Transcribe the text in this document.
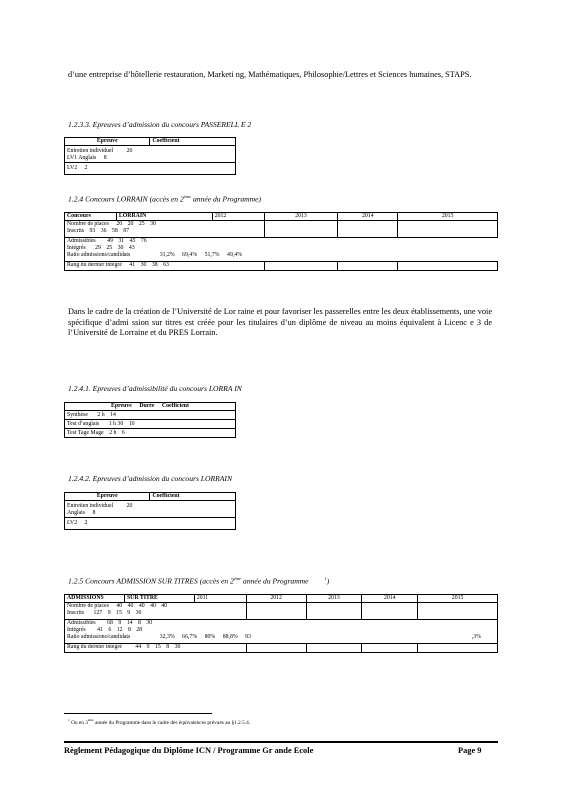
d’une entreprise d’hôtellerie restauration, Marketi ng, Mathématiques, Philosophie/Lettres et Sciences humaines, STAPS.
1.2.3.3. Epreuves d’admission du concours PASSERELL E 2
Epreuve	Coefficient
Entretien individuel 20
LV1 Anglais 8
LV2 2
1.2.4 Concours LORRAIN (accès en 2ème année du Programme)
Concours	LORRAIN	2012	2013	2014	2015

Nombre de places 20 20 25 30
Inscrits 93 36 58 87					

Admissibles 49 31 45 76
Intégrés 29 25 30 43
Ratio admissions/candidats 31,2% 69,4% 51,7% 49,4%					

Rang du dernier intégré 41 30 38 63					
Dans le cadre de la création de l’Université de Lor raine et pour favoriser les passerelles entre les deux établissements, une voie spécifique d’admi ssion sur titres est créée pour les titulaires d’un diplôme de niveau au moins équivalent à Licenc e 3 de l’Université de Lorraine et du PRES Lorrain.
1.2.4.1. Epreuves d’admissibilité du concours LORRA IN
Epreuve Durée Coefficient
Synthèse 2 h 14
Test d’anglais 1 h 30 10
Test Tage Mage 2 h 6
1.2.4.2. Epreuves d’admission du concours LORRAIN
Epreuve	Coefficient
Entretien individuel 20
Anglais 8
LV2 2
1.2.5 Concours ADMISSION SUR TITRES (accès en 2ème année du Programme	$^1$)
ADMISSIONS	SUR TITRE	2011	2012	2013	2014	2015

Nombre de places 40 40 40 40 40
Inscrits 127 9 15 9 30						

Admissibles 68 9 14 8 30
Intégrés 41 6 12 8 28
Ratio admissions/candidats 32,3% 66,7% 80% 88,8% 93 ,3%						

Rang du dernier intégré 44 9 15 8 30						
$^1$ Ou en 3ème année du Programme dans le cadre des équivalences prévues au §1.2.5.4.
Règlement Pédagogique du Diplôme ICN / Programme Gr ande Ecole	Page 9
